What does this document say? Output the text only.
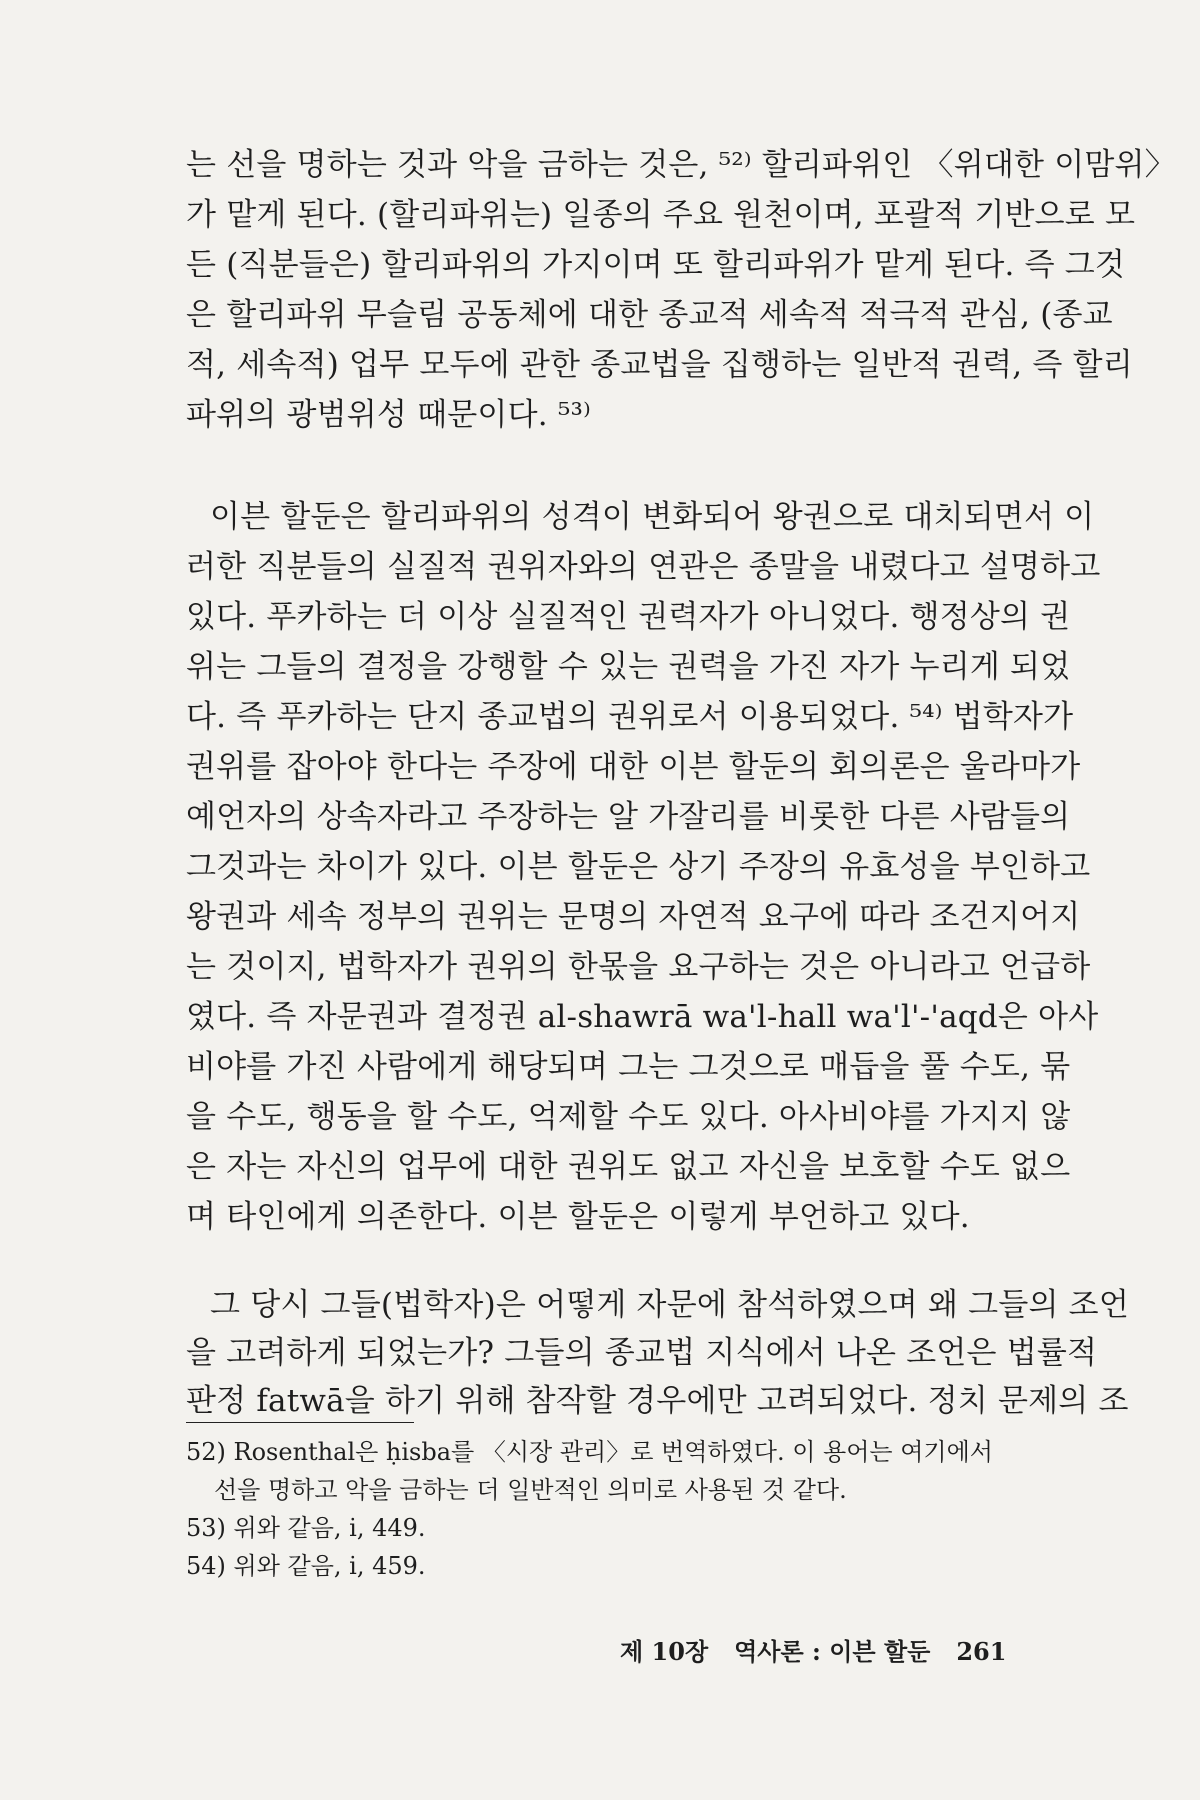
는 선을 명하는 것과 악을 금하는 것은, ⁵²⁾ 할리파위인 〈위대한 이맘위〉
가 맡게 된다. (할리파위는) 일종의 주요 원천이며, 포괄적 기반으로 모
든 (직분들은) 할리파위의 가지이며 또 할리파위가 맡게 된다. 즉 그것
은 할리파위 무슬림 공동체에 대한 종교적 세속적 적극적 관심, (종교
적, 세속적) 업무 모두에 관한 종교법을 집행하는 일반적 권력, 즉 할리
파위의 광범위성 때문이다. ⁵³⁾
이븐 할둔은 할리파위의 성격이 변화되어 왕권으로 대치되면서 이
러한 직분들의 실질적 권위자와의 연관은 종말을 내렸다고 설명하고
있다. 푸카하는 더 이상 실질적인 권력자가 아니었다. 행정상의 권
위는 그들의 결정을 강행할 수 있는 권력을 가진 자가 누리게 되었
다. 즉 푸카하는 단지 종교법의 권위로서 이용되었다. ⁵⁴⁾ 법학자가
권위를 잡아야 한다는 주장에 대한 이븐 할둔의 회의론은 울라마가
예언자의 상속자라고 주장하는 알 가잘리를 비롯한 다른 사람들의
그것과는 차이가 있다. 이븐 할둔은 상기 주장의 유효성을 부인하고
왕권과 세속 정부의 권위는 문명의 자연적 요구에 따라 조건지어지
는 것이지, 법학자가 권위의 한몫을 요구하는 것은 아니라고 언급하
였다. 즉 자문권과 결정권 al-shawrā wa'l-hall wa'l'-'aqd은 아사
비야를 가진 사람에게 해당되며 그는 그것으로 매듭을 풀 수도, 묶
을 수도, 행동을 할 수도, 억제할 수도 있다. 아사비야를 가지지 않
은 자는 자신의 업무에 대한 권위도 없고 자신을 보호할 수도 없으
며 타인에게 의존한다. 이븐 할둔은 이렇게 부언하고 있다.
그 당시 그들(법학자)은 어떻게 자문에 참석하였으며 왜 그들의 조언
을 고려하게 되었는가? 그들의 종교법 지식에서 나온 조언은 법률적
판정 fatwā을 하기 위해 참작할 경우에만 고려되었다. 정치 문제의 조
52) Rosenthal은 ḥisba를 〈시장 관리〉로 번역하였다. 이 용어는 여기에서
선을 명하고 악을 금하는 더 일반적인 의미로 사용된 것 같다.
53) 위와 같음, i, 449.
54) 위와 같음, i, 459.
제 10장 역사론 : 이븐 할둔 261
